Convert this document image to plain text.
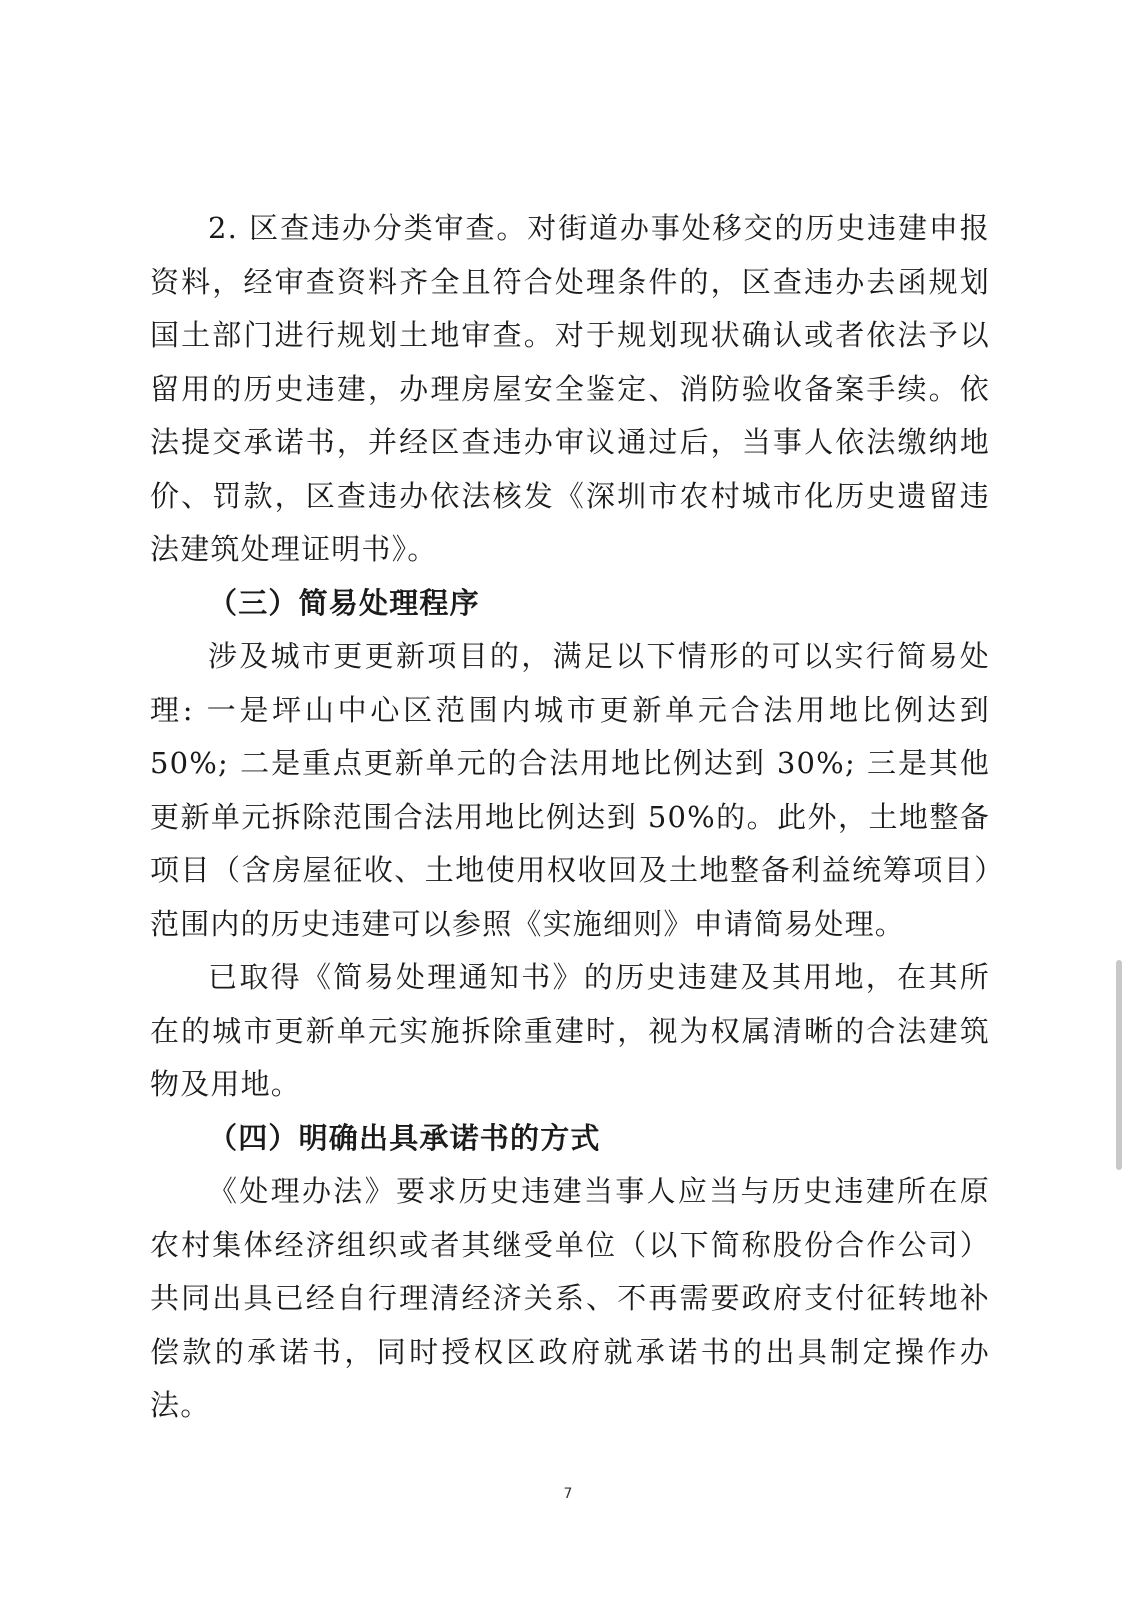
2. 区查违办分类审查。对街道办事处移交的历史违建申报资料，经审查资料齐全且符合处理条件的，区查违办去函规划国土部门进行规划土地审查。对于规划现状确认或者依法予以留用的历史违建，办理房屋安全鉴定、消防验收备案手续。依法提交承诺书，并经区查违办审议通过后，当事人依法缴纳地价、罚款，区查违办依法核发《深圳市农村城市化历史遗留违法建筑处理证明书》。

（三）简易处理程序

涉及城市更更新项目的，满足以下情形的可以实行简易处理: 一是坪山中心区范围内城市更新单元合法用地比例达到 50%; 二是重点更新单元的合法用地比例达到 30%; 三是其他更新单元拆除范围合法用地比例达到 50%的。此外，土地整备项目（含房屋征收、土地使用权收回及土地整备利益统筹项目）范围内的历史违建可以参照《实施细则》申请简易处理。

已取得《简易处理通知书》的历史违建及其用地，在其所在的城市更新单元实施拆除重建时，视为权属清晰的合法建筑物及用地。

（四）明确出具承诺书的方式

《处理办法》要求历史违建当事人应当与历史违建所在原农村集体经济组织或者其继受单位（以下简称股份合作公司）共同出具已经自行理清经济关系、不再需要政府支付征转地补偿款的承诺书，同时授权区政府就承诺书的出具制定操作办法。

7
